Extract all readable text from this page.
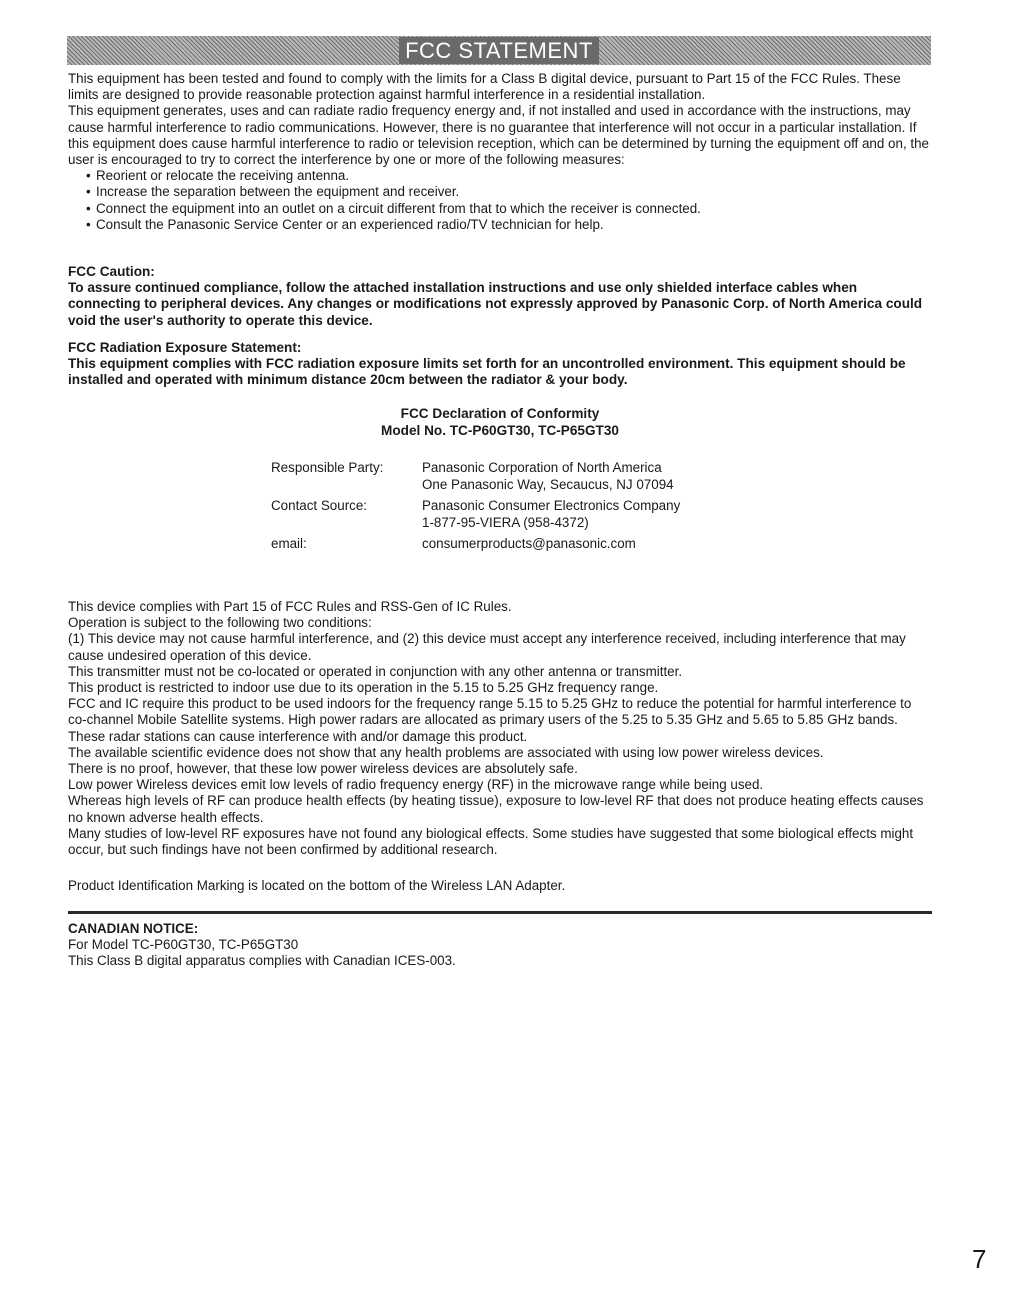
FCC STATEMENT

This equipment has been tested and found to comply with the limits for a Class B digital device, pursuant to Part 15 of the FCC Rules. These limits are designed to provide reasonable protection against harmful interference in a residential installation.

This equipment generates, uses and can radiate radio frequency energy and, if not installed and used in accordance with the instructions, may cause harmful interference to radio communications. However, there is no guarantee that interference will not occur in a particular installation. If this equipment does cause harmful interference to radio or television reception, which can be determined by turning the equipment off and on, the user is encouraged to try to correct the interference by one or more of the following measures:

• Reorient or relocate the receiving antenna.
• Increase the separation between the equipment and receiver.
• Connect the equipment into an outlet on a circuit different from that to which the receiver is connected.
• Consult the Panasonic Service Center or an experienced radio/TV technician for help.
FCC Caution:
To assure continued compliance, follow the attached installation instructions and use only shielded interface cables when connecting to peripheral devices. Any changes or modifications not expressly approved by Panasonic Corp. of North America could void the user's authority to operate this device.
FCC Radiation Exposure Statement:
This equipment complies with FCC radiation exposure limits set forth for an uncontrolled environment. This equipment should be installed and operated with minimum distance 20cm between the radiator & your body.
FCC Declaration of Conformity
Model No. TC-P60GT30, TC-P65GT30
Responsible Party:	Panasonic Corporation of North America
One Panasonic Way, Secaucus, NJ 07094
Contact Source:	Panasonic Consumer Electronics Company
1-877-95-VIERA (958-4372)
email:	consumerproducts@panasonic.com

This device complies with Part 15 of FCC Rules and RSS-Gen of IC Rules.

Operation is subject to the following two conditions:

(1) This device may not cause harmful interference, and (2) this device must accept any interference received, including interference that may cause undesired operation of this device.

This transmitter must not be co-located or operated in conjunction with any other antenna or transmitter.

This product is restricted to indoor use due to its operation in the 5.15 to 5.25 GHz frequency range.

FCC and IC require this product to be used indoors for the frequency range 5.15 to 5.25 GHz to reduce the potential for harmful interference to co-channel Mobile Satellite systems. High power radars are allocated as primary users of the 5.25 to 5.35 GHz and 5.65 to 5.85 GHz bands. These radar stations can cause interference with and/or damage this product.

The available scientific evidence does not show that any health problems are associated with using low power wireless devices.

There is no proof, however, that these low power wireless devices are absolutely safe.

Low power Wireless devices emit low levels of radio frequency energy (RF) in the microwave range while being used.

Whereas high levels of RF can produce health effects (by heating tissue), exposure to low-level RF that does not produce heating effects causes no known adverse health effects.

Many studies of low-level RF exposures have not found any biological effects. Some studies have suggested that some biological effects might occur, but such findings have not been confirmed by additional research.

Product Identification Marking is located on the bottom of the Wireless LAN Adapter.
CANADIAN NOTICE:
For Model TC-P60GT30, TC-P65GT30
This Class B digital apparatus complies with Canadian ICES-003.
7
